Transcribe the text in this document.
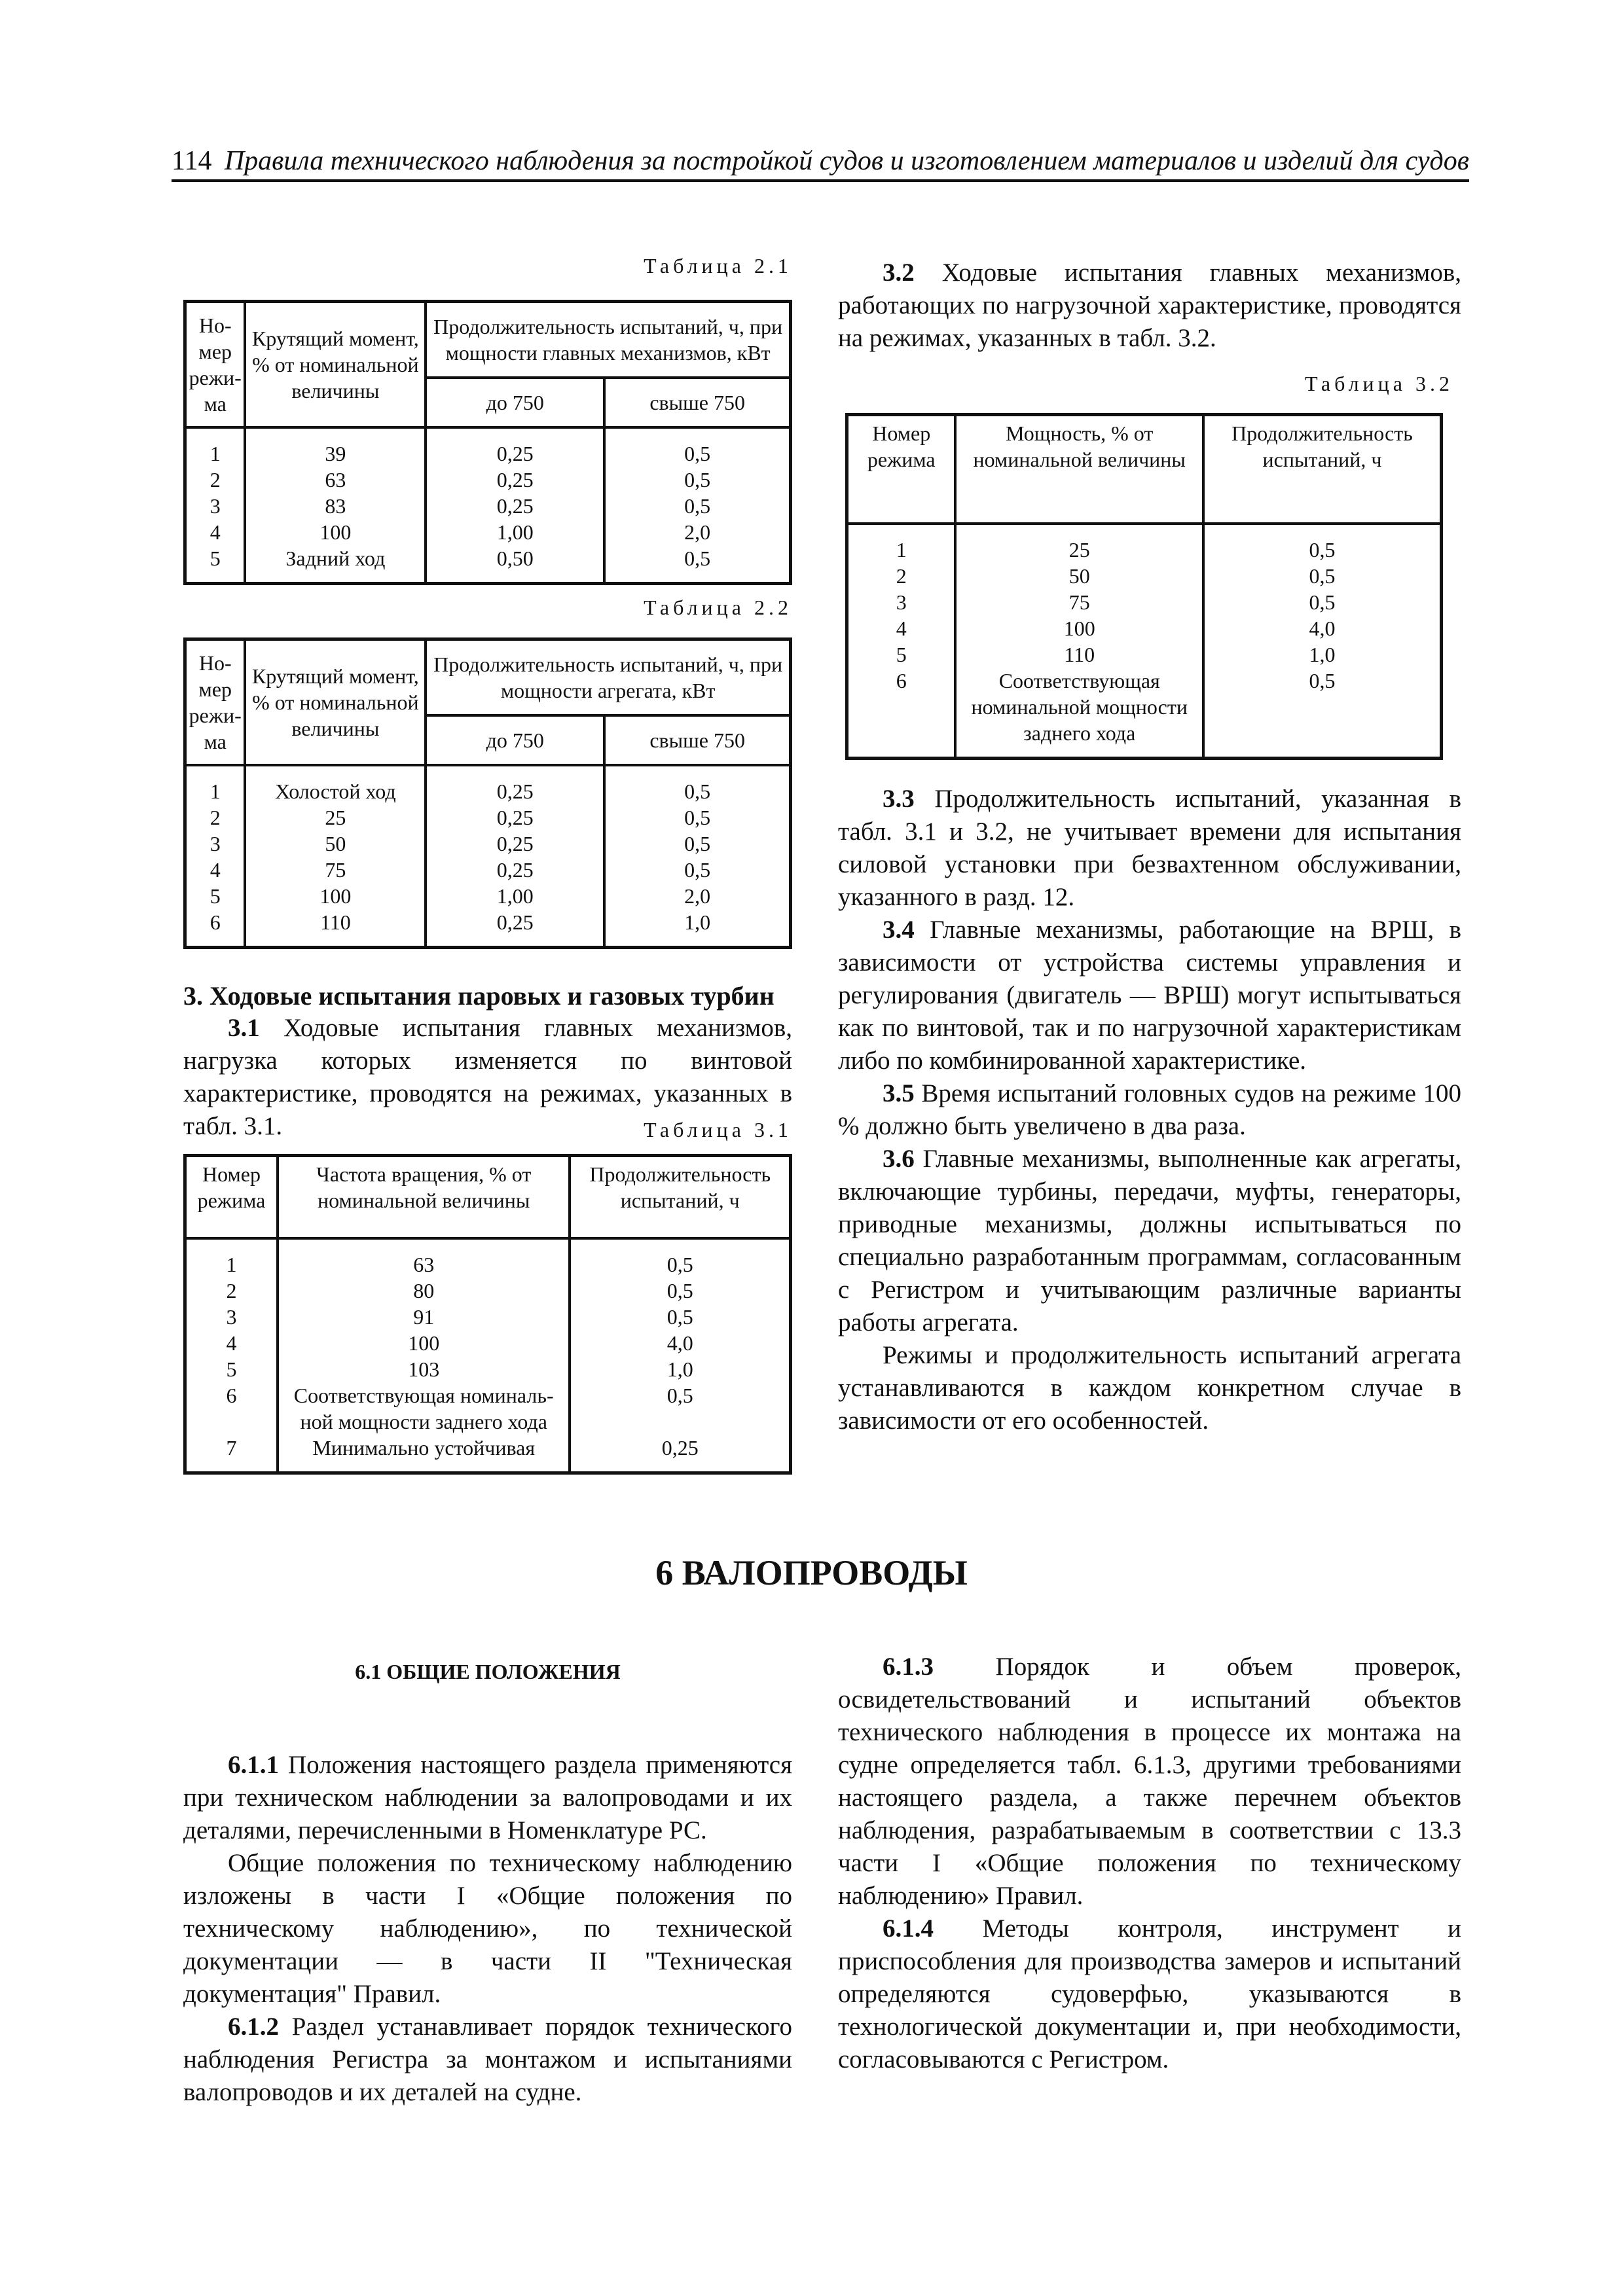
114 Правила технического наблюдения за постройкой судов и изготовлением материалов и изделий для судов
Таблица 2.1
Но-мер режи-ма	Крутящий момент, % от номинальной величины	Продолжительность испытаний, ч, при мощности главных механизмов, кВт	
		до 750	свыше 750
1	39	0,25	0,5
2	63	0,25	0,5
3	83	0,25	0,5
4	100	1,00	2,0
5	Задний ход	0,50	0,5
Таблица 2.2
Но-мер режи-ма	Крутящий момент, % от номинальной величины	Продолжительность испытаний, ч, при мощности агрегата, кВт	
		до 750	свыше 750
1	Холостой ход	0,25	0,5
2	25	0,25	0,5
3	50	0,25	0,5
4	75	0,25	0,5
5	100	1,00	2,0
6	110	0,25	1,0
3. Ходовые испытания паровых и газовых турбин

3.1 Ходовые испытания главных механизмов, нагрузка которых изменяется по винтовой характеристике, проводятся на режимах, указанных в табл. 3.1.	Таблица 3.1
Номер режима	Частота вращения, % от номинальной величины	Продолжительность испытаний, ч
1	63	0,5
2	80	0,5
3	91	0,5
4	100	4,0
5	103	1,0
6	Соответствующая номиналь-ной мощности заднего хода	0,5
7	Минимально устойчивая	0,25

3.2 Ходовые испытания главных механизмов, работающих по нагрузочной характеристике, проводятся на режимах, указанных в табл. 3.2.

Таблица 3.2
Номер режима	Мощность, % от номинальной величины	Продолжительность испытаний, ч
1	25	0,5
2	50	0,5
3	75	0,5
4	100	4,0
5	110	1,0
6	Соответствующая номинальной мощности заднего хода	0,5

3.3 Продолжительность испытаний, указанная в табл. 3.1 и 3.2, не учитывает времени для испытания силовой установки при безвахтенном обслуживании, указанного в разд. 12.

3.4 Главные механизмы, работающие на ВРШ, в зависимости от устройства системы управления и регулирования (двигатель — ВРШ) могут испытываться как по винтовой, так и по нагрузочной характеристикам либо по комбинированной характеристике.

3.5 Время испытаний головных судов на режиме 100 % должно быть увеличено в два раза.

3.6 Главные механизмы, выполненные как агрегаты, включающие турбины, передачи, муфты, генераторы, приводные механизмы, должны испытываться по специально разработанным программам, согласованным с Регистром и учитывающим различные варианты работы агрегата.

Режимы и продолжительность испытаний агрегата устанавливаются в каждом конкретном случае в зависимости от его особенностей.

6 ВАЛОПРОВОДЫ
6.1 ОБЩИЕ ПОЛОЖЕНИЯ

6.1.1 Положения настоящего раздела применяются при техническом наблюдении за валопроводами и их деталями, перечисленными в Номенклатуре РС.

Общие положения по техническому наблюдению изложены в части I «Общие положения по техническому наблюдению», по технической документации — в части II "Техническая документация" Правил.

6.1.2 Раздел устанавливает порядок технического наблюдения Регистра за монтажом и испытаниями валопроводов и их деталей на судне.

6.1.3 Порядок и объем проверок, освидетельствований и испытаний объектов технического наблюдения в процессе их монтажа на судне определяется табл. 6.1.3, другими требованиями настоящего раздела, а также перечнем объектов наблюдения, разрабатываемым в соответствии с 13.3 части I «Общие положения по техническому наблюдению» Правил.

6.1.4 Методы контроля, инструмент и приспособления для производства замеров и испытаний определяются судоверфью, указываются в технологической документации и, при необходимости, согласовываются с Регистром.
